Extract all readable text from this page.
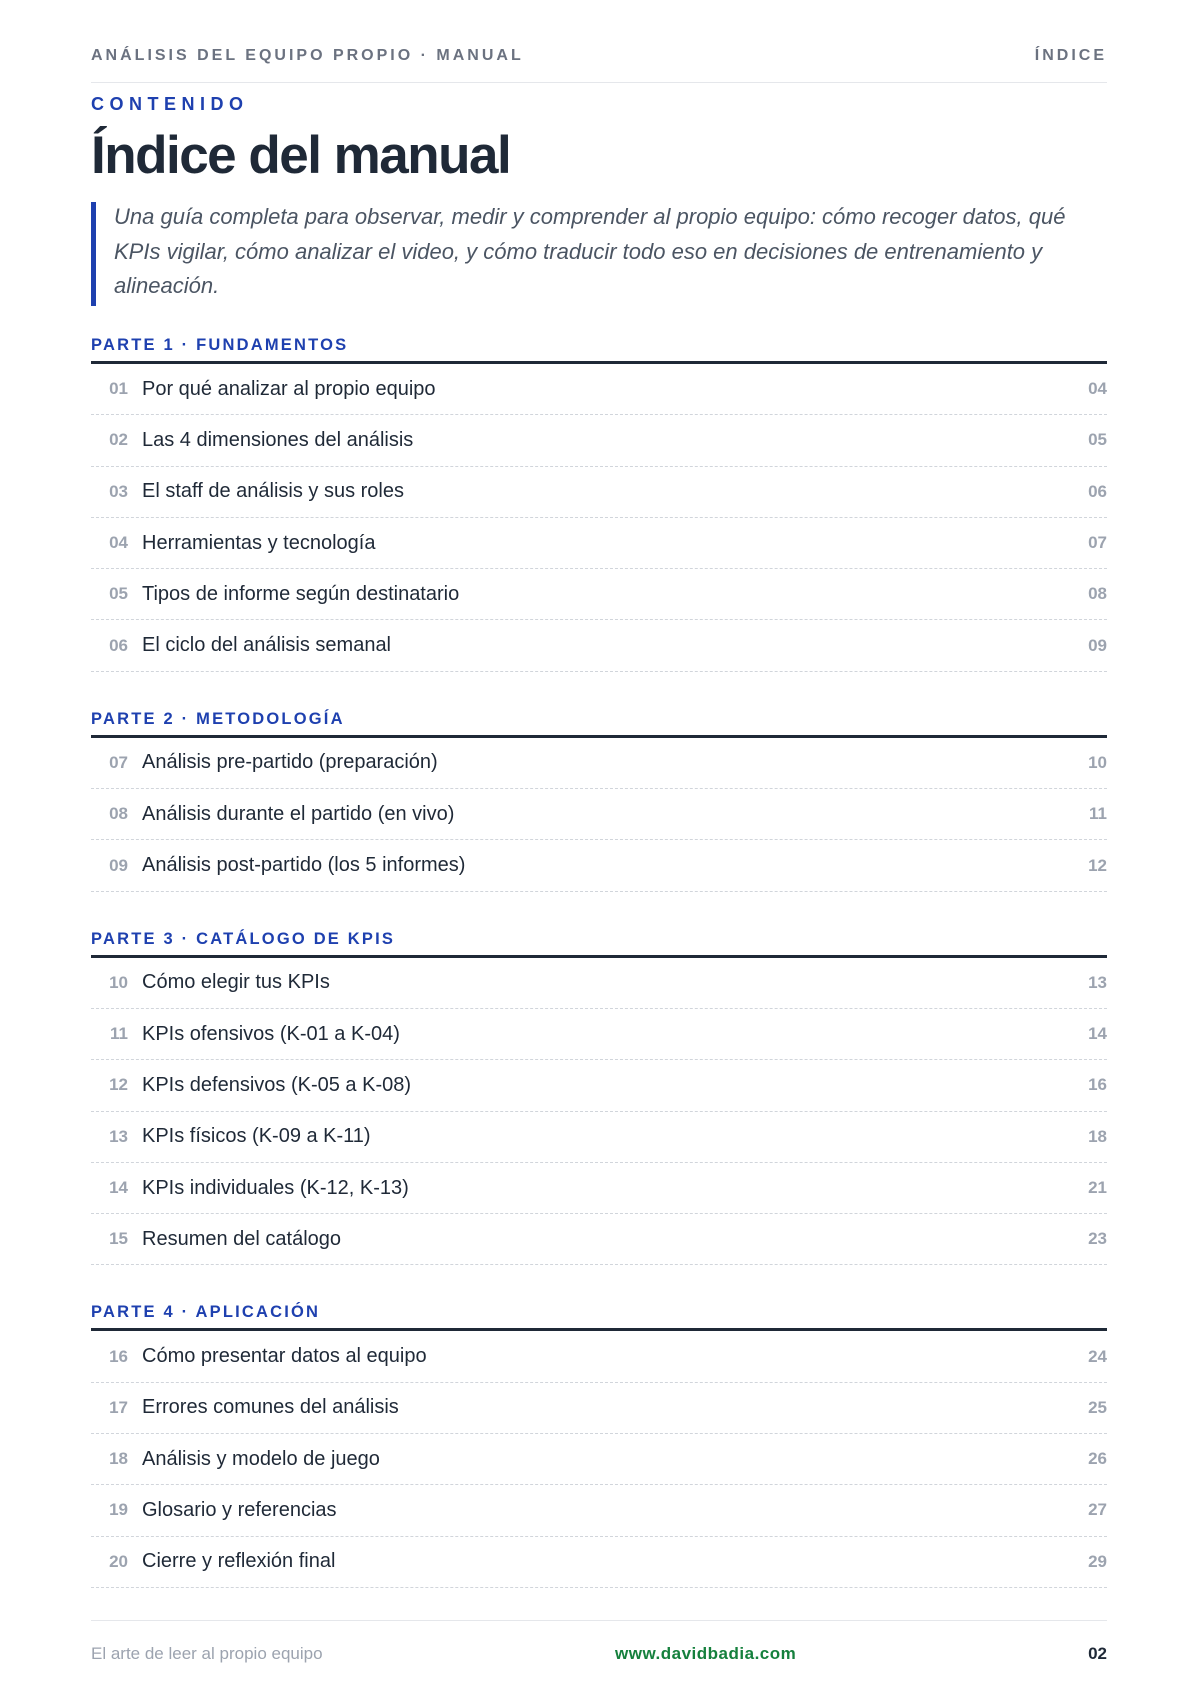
ANÁLISIS DEL EQUIPO PROPIO · MANUAL	ÍNDICE
CONTENIDO
Índice del manual

Una guía completa para observar, medir y comprender al propio equipo: cómo recoger datos, qué KPIs vigilar, cómo analizar el video, y cómo traducir todo eso en decisiones de entrenamiento y alineación.

PARTE 1 · FUNDAMENTOS
01 Por qué analizar al propio equipo	04
02 Las 4 dimensiones del análisis	05
03 El staff de análisis y sus roles	06
04 Herramientas y tecnología	07
05 Tipos de informe según destinatario	08
06 El ciclo del análisis semanal	09
PARTE 2 · METODOLOGÍA
07 Análisis pre-partido (preparación)	10
08 Análisis durante el partido (en vivo)	11
09 Análisis post-partido (los 5 informes)	12
PARTE 3 · CATÁLOGO DE KPIS
10 Cómo elegir tus KPIs	13
11 KPIs ofensivos (K-01 a K-04)	14
12 KPIs defensivos (K-05 a K-08)	16
13 KPIs físicos (K-09 a K-11)	18
14 KPIs individuales (K-12, K-13)	21
15 Resumen del catálogo	23
PARTE 4 · APLICACIÓN
16 Cómo presentar datos al equipo	24
17 Errores comunes del análisis	25
18 Análisis y modelo de juego	26
19 Glosario y referencias	27
20 Cierre y reflexión final	29
El arte de leer al propio equipo	www.davidbadia.com	02
